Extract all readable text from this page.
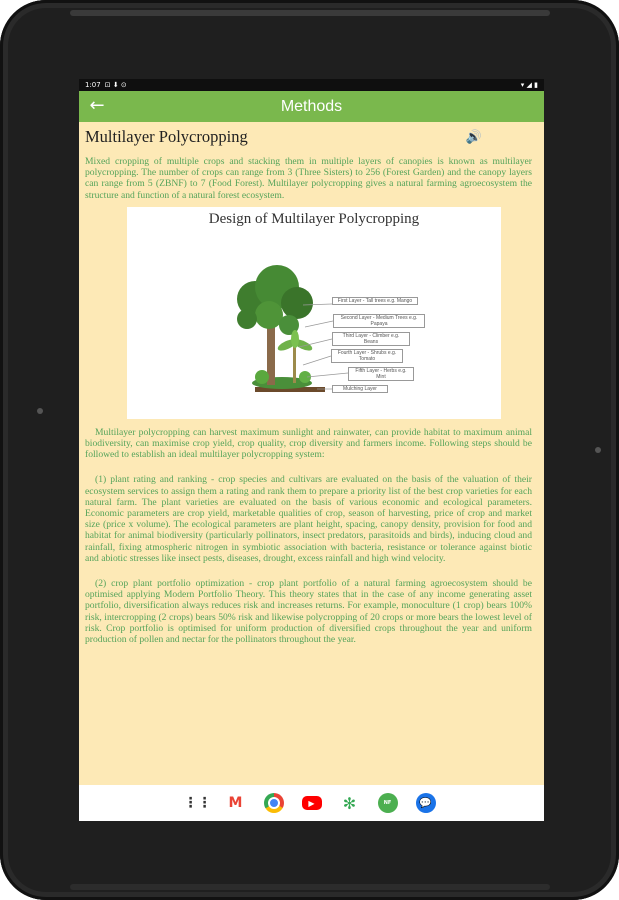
1:07 ⊡ ⬇ ⊙	▾ ◢ ▮
←	Methods
Multilayer Polycropping	🔊

Mixed cropping of multiple crops and stacking them in multiple layers of canopies is known as multilayer polycropping. The number of crops can range from 3 (Three Sisters) to 256 (Forest Garden) and the canopy layers can range from 5 (ZBNF) to 7 (Food Forest). Multilayer polycropping gives a natural farming agroecosystem the structure and function of a natural forest ecosystem.

Design of Multilayer Polycropping
First Layer - Tall trees e.g. Mango
Second Layer - Medium Trees e.g. Papaya
Third Layer - Climber e.g. Beans
Fourth Layer - Shrubs e.g. Tomato
Fifth Layer - Herbs e.g. Mint
Mulching Layer

Multilayer polycropping can harvest maximum sunlight and rainwater, can provide habitat to maximum animal biodiversity, can maximise crop yield, crop quality, crop diversity and farmers income. Following steps should be followed to establish an ideal multilayer polycropping system:

(1) plant rating and ranking - crop species and cultivars are evaluated on the basis of the valuation of their ecosystem services to assign them a rating and rank them to prepare a priority list of the best crop varieties for each natural farm. The plant varieties are evaluated on the basis of various economic and ecological parameters. Economic parameters are crop yield, marketable qualities of crop, season of harvesting, price of crop and market size (price x volume). The ecological parameters are plant height, spacing, canopy density, provision for food and habitat for animal biodiversity (particularly pollinators, insect predators, parasitoids and birds), inducing cloud and rainfall, fixing atmospheric nitrogen in symbiotic association with bacteria, resistance or tolerance against biotic and abiotic stresses like insect pests, diseases, drought, excess rainfall and high wind velocity.

(2) crop plant portfolio optimization - crop plant portfolio of a natural farming agroecosystem should be optimised applying Modern Portfolio Theory. This theory states that in the case of any income generating asset portfolio, diversification always reduces risk and increases returns. For example, monoculture (1 crop) bears 100% risk, intercropping (2 crops) bears 50% risk and likewise polycropping of 20 crops or more bears the lowest level of risk. Crop portfolio is optimised for uniform production of diversified crops throughout the year and uniform production of pollen and nectar for the pollinators throughout the year.

⋮⋮ M	▶	✻	NF	💬
